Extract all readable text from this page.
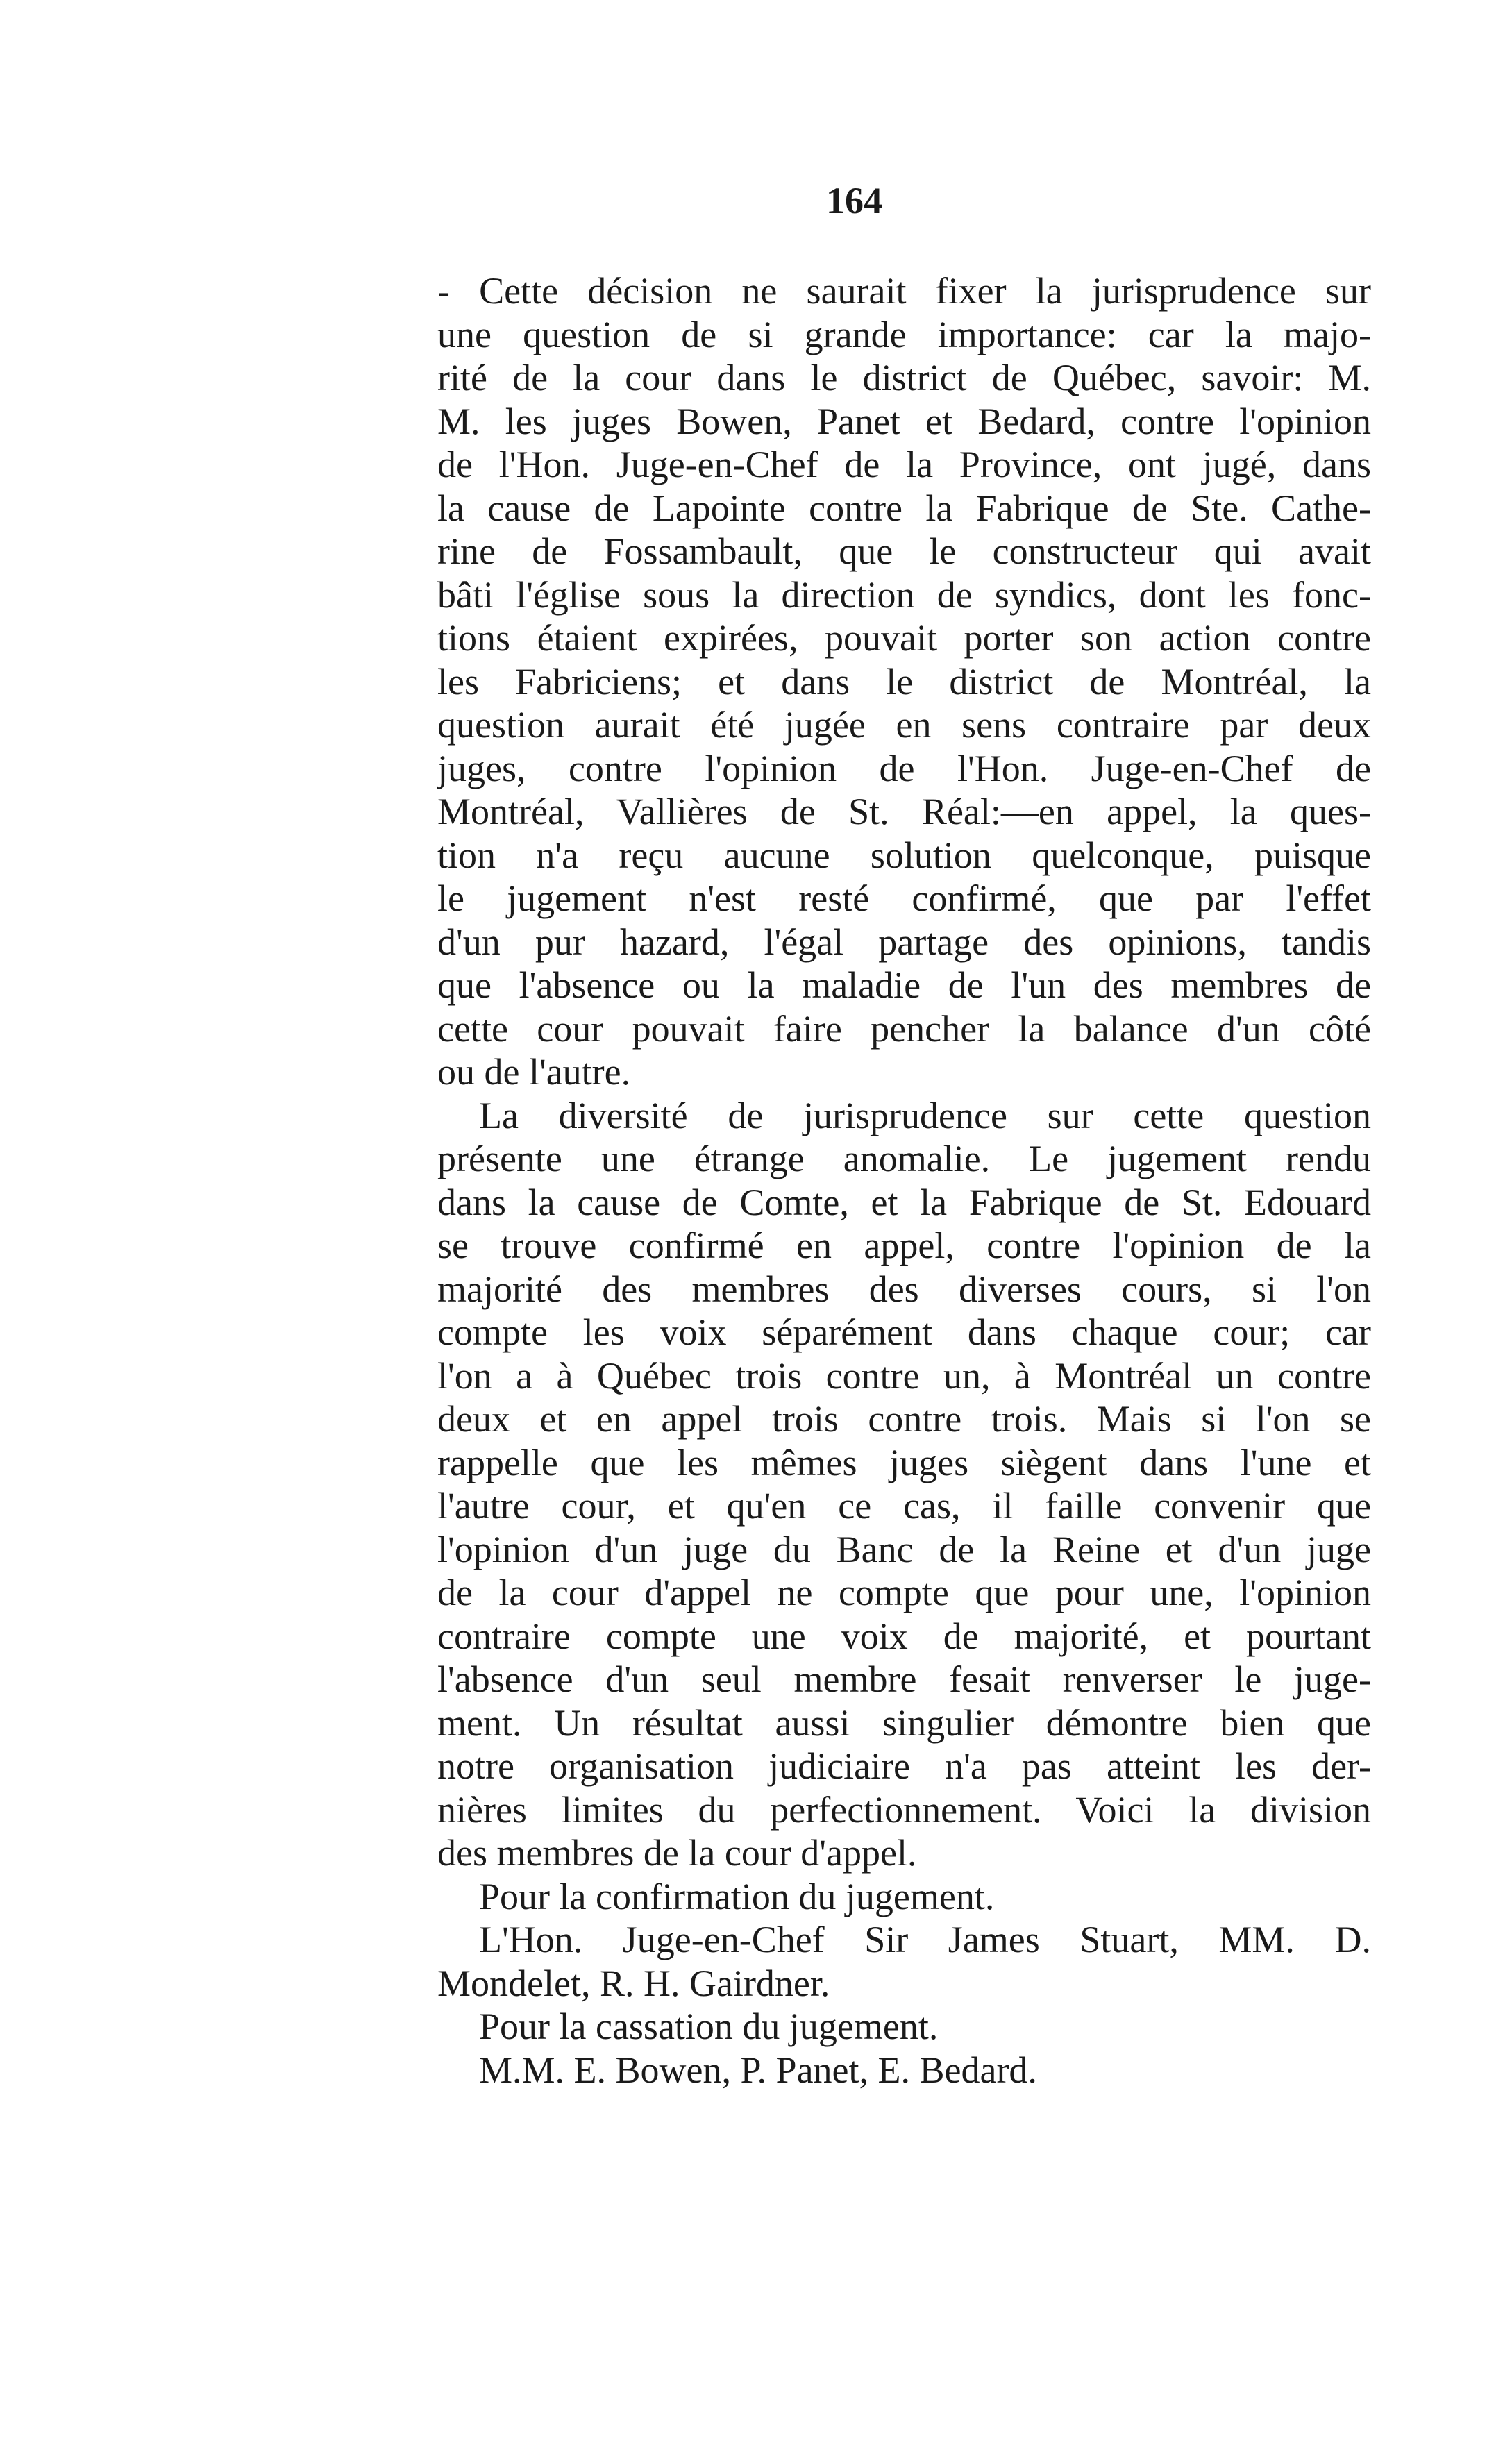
164
- Cette décision ne saurait fixer la jurisprudence sur
une question de si grande importance: car la majo-
rité de la cour dans le district de Québec, savoir: M.
M. les juges Bowen, Panet et Bedard, contre l'opinion
de l'Hon. Juge-en-Chef de la Province, ont jugé, dans
la cause de Lapointe contre la Fabrique de Ste. Cathe-
rine de Fossambault, que le constructeur qui avait
bâti l'église sous la direction de syndics, dont les fonc-
tions étaient expirées, pouvait porter son action contre
les Fabriciens; et dans le district de Montréal, la
question aurait été jugée en sens contraire par deux
juges, contre l'opinion de l'Hon. Juge-en-Chef de
Montréal, Vallières de St. Réal:—en appel, la ques-
tion n'a reçu aucune solution quelconque, puisque
le jugement n'est resté confirmé, que par l'effet
d'un pur hazard, l'égal partage des opinions, tandis
que l'absence ou la maladie de l'un des membres de
cette cour pouvait faire pencher la balance d'un côté
ou de l'autre.
La diversité de jurisprudence sur cette question
présente une étrange anomalie. Le jugement rendu
dans la cause de Comte, et la Fabrique de St. Edouard
se trouve confirmé en appel, contre l'opinion de la
majorité des membres des diverses cours, si l'on
compte les voix séparément dans chaque cour; car
l'on a à Québec trois contre un, à Montréal un contre
deux et en appel trois contre trois. Mais si l'on se
rappelle que les mêmes juges siègent dans l'une et
l'autre cour, et qu'en ce cas, il faille convenir que
l'opinion d'un juge du Banc de la Reine et d'un juge
de la cour d'appel ne compte que pour une, l'opinion
contraire compte une voix de majorité, et pourtant
l'absence d'un seul membre fesait renverser le juge-
ment. Un résultat aussi singulier démontre bien que
notre organisation judiciaire n'a pas atteint les der-
nières limites du perfectionnement. Voici la division
des membres de la cour d'appel.
Pour la confirmation du jugement.
L'Hon. Juge-en-Chef Sir James Stuart, MM. D.
Mondelet, R. H. Gairdner.
Pour la cassation du jugement.
M.M. E. Bowen, P. Panet, E. Bedard.
